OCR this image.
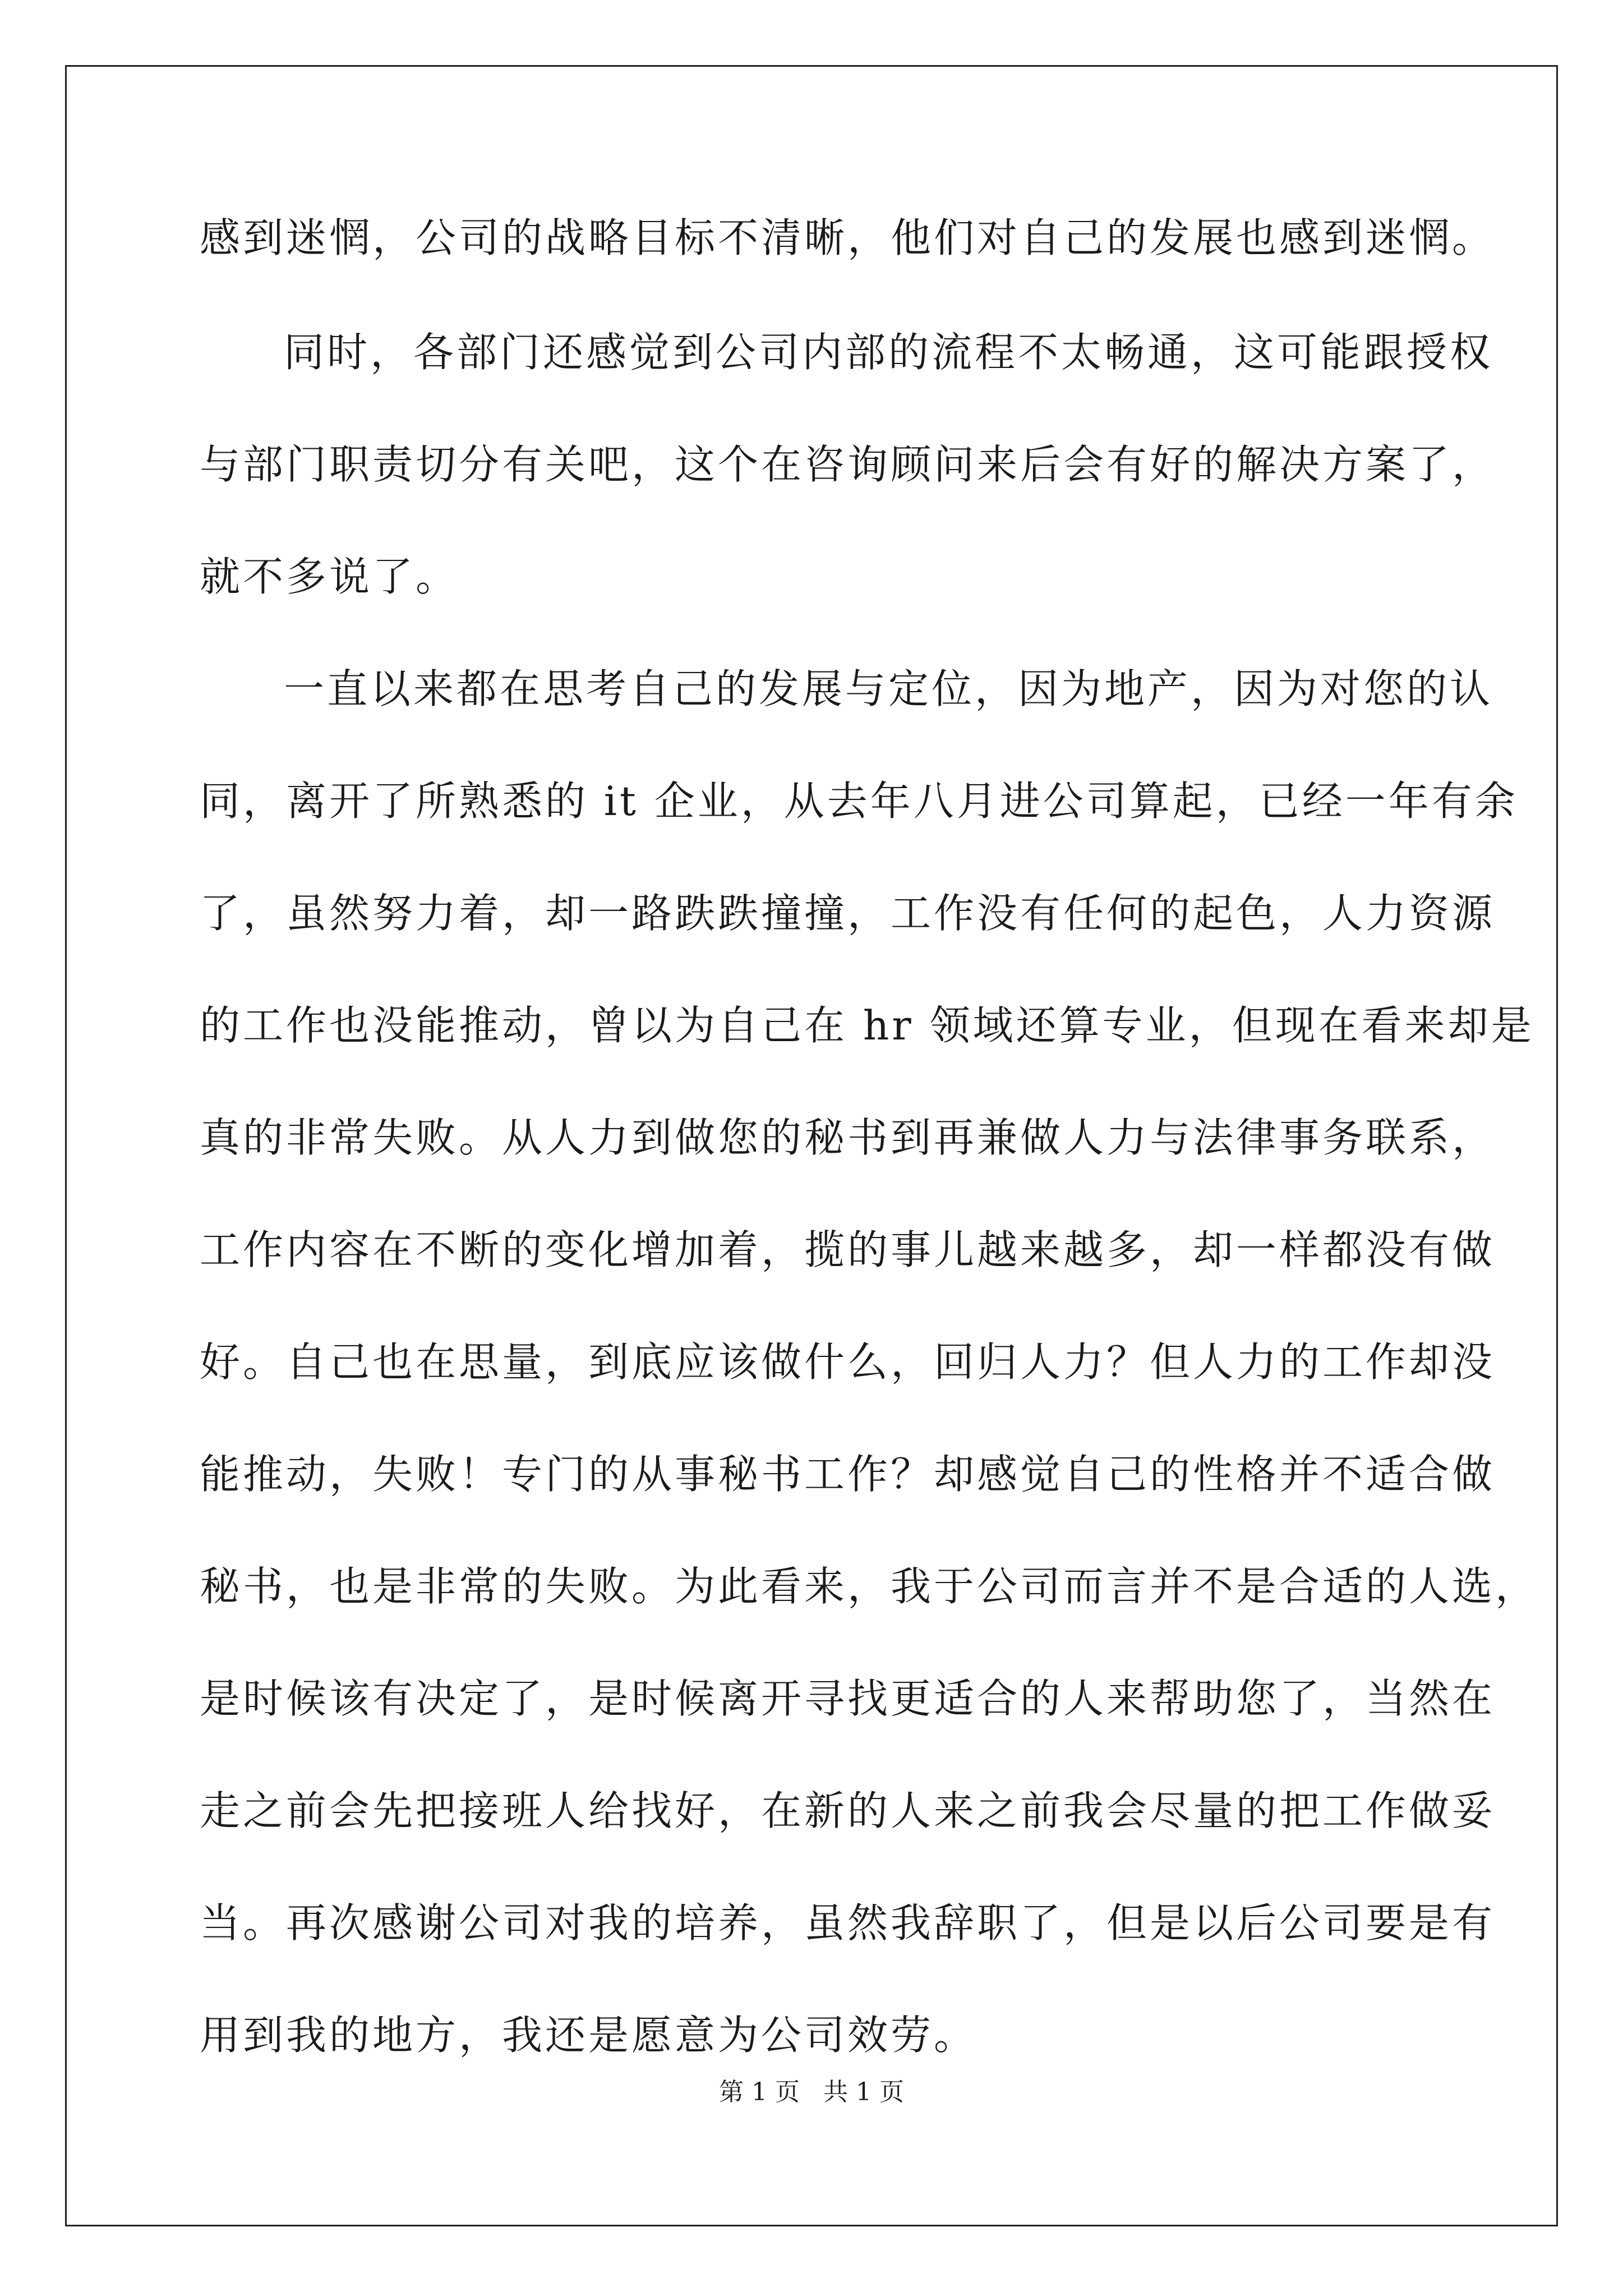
感到迷惘，公司的战略目标不清晰，他们对自己的发展也感到迷惘。

同时，各部门还感觉到公司内部的流程不太畅通，这可能跟授权

与部门职责切分有关吧，这个在咨询顾问来后会有好的解决方案了，

就不多说了。

一直以来都在思考自己的发展与定位，因为地产，因为对您的认

同，离开了所熟悉的 it 企业，从去年八月进公司算起，已经一年有余

了，虽然努力着，却一路跌跌撞撞，工作没有任何的起色，人力资源

的工作也没能推动，曾以为自己在 hr 领域还算专业，但现在看来却是

真的非常失败。从人力到做您的秘书到再兼做人力与法律事务联系，

工作内容在不断的变化增加着，揽的事儿越来越多，却一样都没有做

好。自己也在思量，到底应该做什么，回归人力？但人力的工作却没

能推动，失败！专门的从事秘书工作？却感觉自己的性格并不适合做

秘书，也是非常的失败。为此看来，我于公司而言并不是合适的人选，

是时候该有决定了，是时候离开寻找更适合的人来帮助您了，当然在

走之前会先把接班人给找好，在新的人来之前我会尽量的把工作做妥

当。再次感谢公司对我的培养，虽然我辞职了，但是以后公司要是有

用到我的地方，我还是愿意为公司效劳。

第 1 页   共 1 页
